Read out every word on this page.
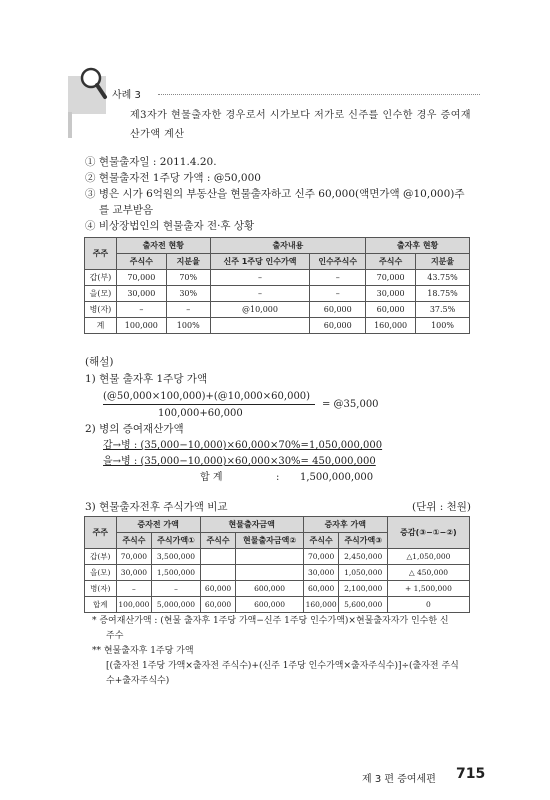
사례 3
제3자가 현물출자한 경우로서 시가보다 저가로 신주를 인수한 경우 증여재산가액 계산
① 현물출자일 : 2011.4.20.
② 현물출자전 1주당 가액 : @50,000
③ 병은 시가 6억원의 부동산을 현물출자하고 신주 60,000(액면가액 @10,000)주
를 교부받음
④ 비상장법인의 현물출자 전·후 상황
주주	출자전 현황		출자내용		출자후 현황	
	주식수	지분율	신주 1주당 인수가액	인수주식수	주식수	지분율
갑(부)	70,000	70%	–	–	70,000	43.75%
을(모)	30,000	30%	–	–	30,000	18.75%
병(자)	–	–	@10,000	60,000	60,000	37.5%
계	100,000	100%		60,000	160,000	100%
(해설)
1) 현물 출자후 1주당 가액
(@50,000×100,000)+(@10,000×60,000)
100,000+60,000
= @35,000
2) 병의 증여재산가액
갑→병 : (35,000−10,000)×60,000×70%=1,050,000,000
을→병 : (35,000−10,000)×60,000×30%= 450,000,000
합 계	: 1,500,000,000
3) 현물출자전후 주식가액 비교	(단위 : 천원)
주주	증자전 가액		현물출자금액		증자후 가액		증감(③−①−②)
	주식수	주식가액①	주식수	현물출자금액②	주식수	주식가액③	
갑(부)	70,000	3,500,000			70,000	2,450,000	△1,050,000
을(모)	30,000	1,500,000			30,000	1,050,000	△ 450,000
병(자)	–	–	60,000	600,000	60,000	2,100,000	+ 1,500,000
합계	100,000	5,000,000	60,000	600,000	160,000	5,600,000	0
* 증여재산가액 : (현물 출자후 1주당 가액−신주 1주당 인수가액)×현물출자자가 인수한 신
주수
** 현물출자후 1주당 가액
[(출자전 1주당 가액×출자전 주식수)+(신주 1주당 인수가액×출자주식수)]÷(출자전 주식
수+출자주식수)
제 3 편 증여세편 715
